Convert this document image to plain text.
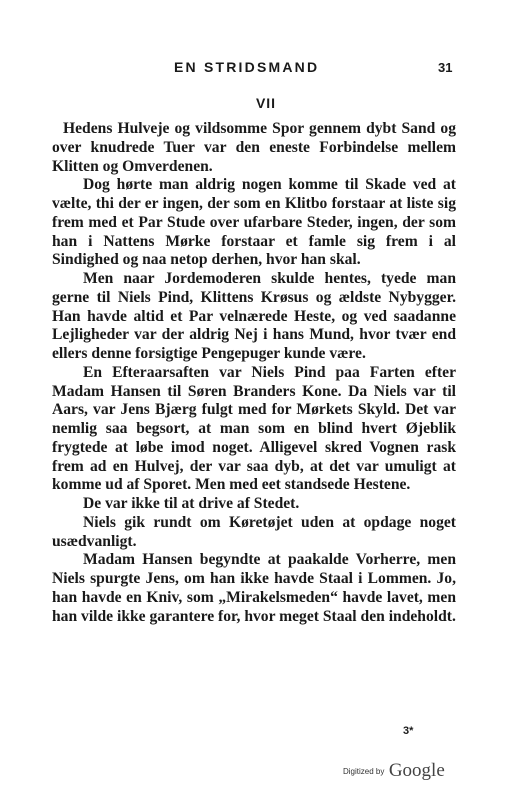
EN STRIDSMAND	31
VII

Hedens Hulveje og vildsomme Spor gennem dybt Sand og over knudrede Tuer var den eneste Forbindelse mellem Klitten og Omverdenen.

Dog hørte man aldrig nogen komme til Skade ved at vælte, thi der er ingen, der som en Klitbo forstaar at liste sig frem med et Par Stude over ufarbare Steder, ingen, der som han i Nattens Mørke forstaar et famle sig frem i al Sindighed og naa netop derhen, hvor han skal.

Men naar Jordemoderen skulde hentes, tyede man gerne til Niels Pind, Klittens Krøsus og ældste Nybygger. Han havde altid et Par velnærede Heste, og ved saadanne Lejligheder var der aldrig Nej i hans Mund, hvor tvær end ellers denne forsigtige Pengepuger kunde være.

En Efteraarsaften var Niels Pind paa Farten efter Madam Hansen til Søren Branders Kone. Da Niels var til Aars, var Jens Bjærg fulgt med for Mørkets Skyld. Det var nemlig saa begsort, at man som en blind hvert Øjeblik frygtede at løbe imod noget. Alligevel skred Vognen rask frem ad en Hulvej, der var saa dyb, at det var umuligt at komme ud af Sporet. Men med eet standsede Hestene.

De var ikke til at drive af Stedet.

Niels gik rundt om Køretøjet uden at opdage noget usædvanligt.

Madam Hansen begyndte at paakalde Vorherre, men Niels spurgte Jens, om han ikke havde Staal i Lommen. Jo, han havde en Kniv, som „Mirakelsmeden“ havde lavet, men han vilde ikke garantere for, hvor meget Staal den indeholdt.

3*
Digitized by Google
